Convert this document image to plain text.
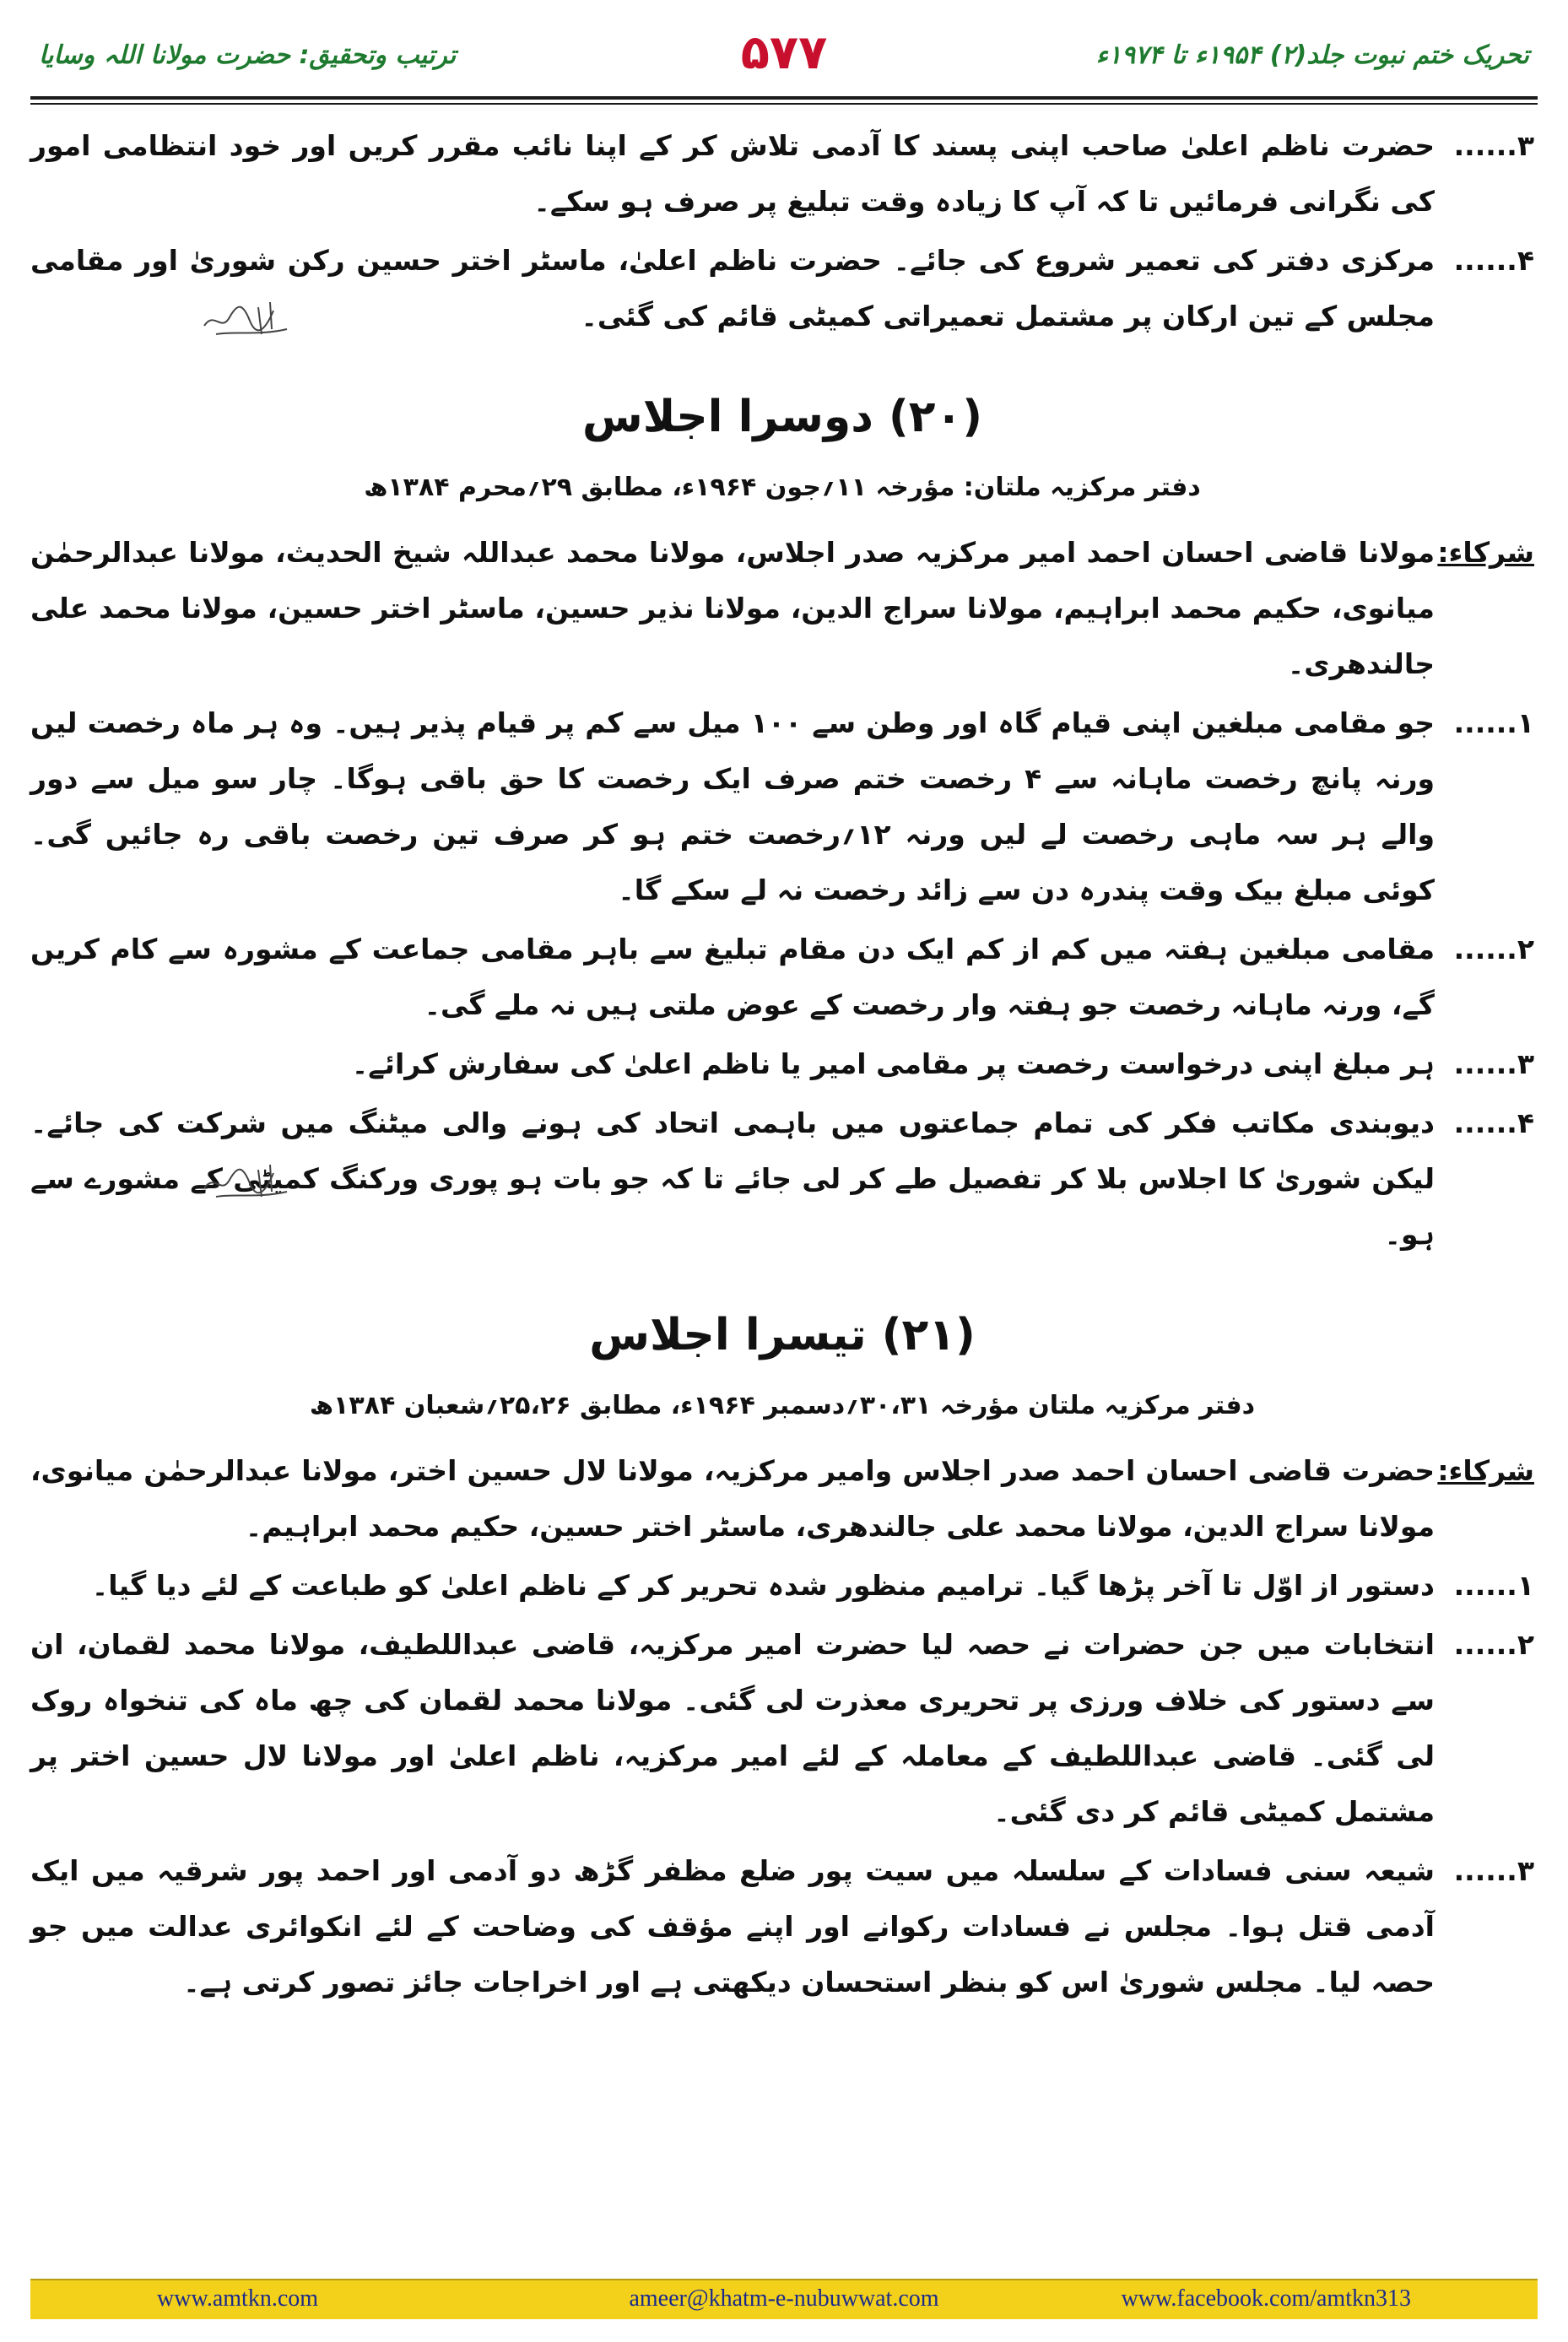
ترتیب وتحقیق: حضرت مولانا اللہ وسایا	۵۷۷	تحریک ختم نبوت جلد(۲) ۱۹۵۴ء تا ۱۹۷۴ء
۳......
حضرت ناظم اعلیٰ صاحب اپنی پسند کا آدمی تلاش کر کے اپنا نائب مقرر کریں اور خود انتظامی امور کی نگرانی فرمائیں تا کہ آپ کا زیادہ وقت تبلیغ پر صرف ہو سکے۔
۴......
مرکزی دفتر کی تعمیر شروع کی جائے۔ حضرت ناظم اعلیٰ، ماسٹر اختر حسین رکن شوریٰ اور مقامی مجلس کے تین ارکان پر مشتمل تعمیراتی کمیٹی قائم کی گئی۔
(۲۰) دوسرا اجلاس
دفتر مرکزیہ ملتان: مؤرخہ ۱۱؍جون ۱۹۶۴ء، مطابق ۲۹؍محرم ۱۳۸۴ھ
شرکاء:
مولانا قاضی احسان احمد امیر مرکزیہ صدر اجلاس، مولانا محمد عبداللہ شیخ الحدیث، مولانا عبدالرحمٰن میانوی، حکیم محمد ابراہیم، مولانا سراج الدین، مولانا نذیر حسین، ماسٹر اختر حسین، مولانا محمد علی جالندھری۔
۱......
جو مقامی مبلغین اپنی قیام گاہ اور وطن سے ۱۰۰ میل سے کم پر قیام پذیر ہیں۔ وہ ہر ماہ رخصت لیں ورنہ پانچ رخصت ماہانہ سے ۴ رخصت ختم صرف ایک رخصت کا حق باقی ہوگا۔ چار سو میل سے دور والے ہر سہ ماہی رخصت لے لیں ورنہ ۱۲؍رخصت ختم ہو کر صرف تین رخصت باقی رہ جائیں گی۔ کوئی مبلغ بیک وقت پندرہ دن سے زائد رخصت نہ لے سکے گا۔
۲......
مقامی مبلغین ہفتہ میں کم از کم ایک دن مقام تبلیغ سے باہر مقامی جماعت کے مشورہ سے کام کریں گے، ورنہ ماہانہ رخصت جو ہفتہ وار رخصت کے عوض ملتی ہیں نہ ملے گی۔
۳......
ہر مبلغ اپنی درخواست رخصت پر مقامی امیر یا ناظم اعلیٰ کی سفارش کرائے۔
۴......
دیوبندی مکاتب فکر کی تمام جماعتوں میں باہمی اتحاد کی ہونے والی میٹنگ میں شرکت کی جائے۔ لیکن شوریٰ کا اجلاس بلا کر تفصیل طے کر لی جائے تا کہ جو بات ہو پوری ورکنگ کمیٹی کے مشورے سے ہو۔
(۲۱) تیسرا اجلاس
دفتر مرکزیہ ملتان مؤرخہ ۳۰،۳۱؍دسمبر ۱۹۶۴ء، مطابق ۲۵،۲۶؍شعبان ۱۳۸۴ھ
شرکاء:
حضرت قاضی احسان احمد صدر اجلاس وامیر مرکزیہ، مولانا لال حسین اختر، مولانا عبدالرحمٰن میانوی، مولانا سراج الدین، مولانا محمد علی جالندھری، ماسٹر اختر حسین، حکیم محمد ابراہیم۔
۱......
دستور از اوّل تا آخر پڑھا گیا۔ ترامیم منظور شدہ تحریر کر کے ناظم اعلیٰ کو طباعت کے لئے دیا گیا۔
۲......
انتخابات میں جن حضرات نے حصہ لیا حضرت امیر مرکزیہ، قاضی عبداللطیف، مولانا محمد لقمان، ان سے دستور کی خلاف ورزی پر تحریری معذرت لی گئی۔ مولانا محمد لقمان کی چھ ماہ کی تنخواہ روک لی گئی۔ قاضی عبداللطیف کے معاملہ کے لئے امیر مرکزیہ، ناظم اعلیٰ اور مولانا لال حسین اختر پر مشتمل کمیٹی قائم کر دی گئی۔
۳......
شیعہ سنی فسادات کے سلسلہ میں سیت پور ضلع مظفر گڑھ دو آدمی اور احمد پور شرقیہ میں ایک آدمی قتل ہوا۔ مجلس نے فسادات رکوانے اور اپنے مؤقف کی وضاحت کے لئے انکوائری عدالت میں جو حصہ لیا۔ مجلس شوریٰ اس کو بنظر استحسان دیکھتی ہے اور اخراجات جائز تصور کرتی ہے۔
www.amtkn.com	ameer@khatm-e-nubuwwat.com	www.facebook.com/amtkn313
